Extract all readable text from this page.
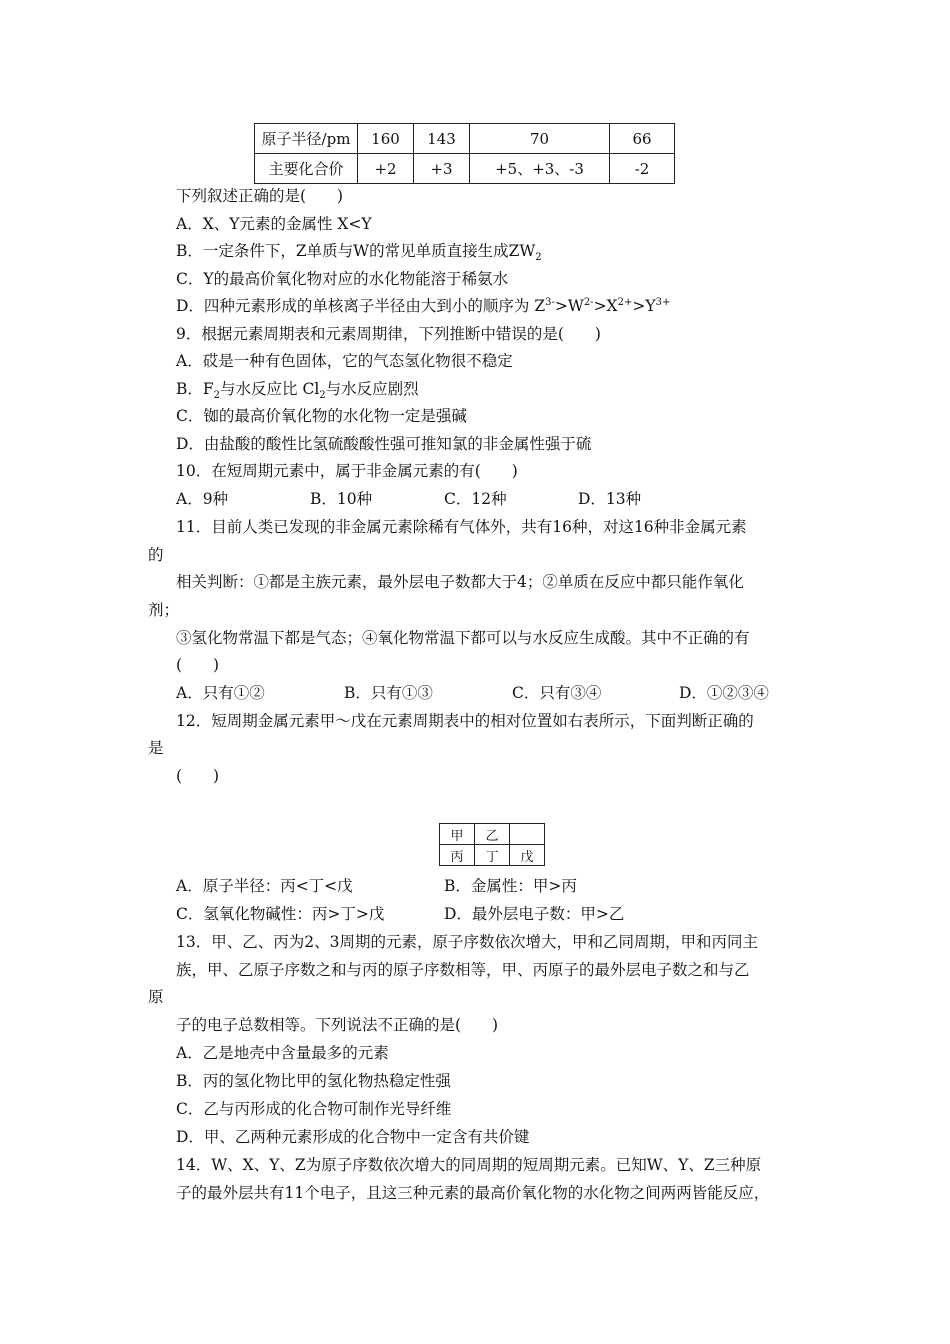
原子半径/pm	160	143	70	66
主要化合价	+2	+3	+5、+3、-3	-2
下列叙述正确的是(　　)
A．X、Y元素的金属性 X<Y
B．一定条件下，Z单质与W的常见单质直接生成$ZW_2$
C．Y的最高价氧化物对应的水化物能溶于稀氨水
D．四种元素形成的单核离子半径由大到小的顺序为 $Z^{3-}>W^{2-}>X^{2+}>Y^{3+}$
9．根据元素周期表和元素周期律，下列推断中错误的是(　　)
A．砹是一种有色固体，它的气态氢化物很不稳定
B．$F_2$与水反应比 $Cl_2$与水反应剧烈
C．铷的最高价氧化物的水化物一定是强碱
D．由盐酸的酸性比氢硫酸酸性强可推知氯的非金属性强于硫
10．在短周期元素中，属于非金属元素的有(　　)
A．9种	B．10种	C．12种	D．13种
11．目前人类已发现的非金属元素除稀有气体外，共有16种，对这16种非金属元素
的
相关判断：①都是主族元素，最外层电子数都大于4；②单质在反应中都只能作氧化
剂；
③氢化物常温下都是气态；④氧化物常温下都可以与水反应生成酸。其中不正确的有
(　　)
A．只有①②	B．只有①③	C．只有③④	D．①②③④
12．短周期金属元素甲～戊在元素周期表中的相对位置如右表所示，下面判断正确的
是
(　　)
甲	乙	
丙	丁	戊
A．原子半径：丙<丁<戊	B．金属性：甲>丙
C．氢氧化物碱性：丙>丁>戊	D．最外层电子数：甲>乙
13．甲、乙、丙为2、3周期的元素，原子序数依次增大，甲和乙同周期，甲和丙同主
族，甲、乙原子序数之和与丙的原子序数相等，甲、丙原子的最外层电子数之和与乙
原
子的电子总数相等。下列说法不正确的是(　　)
A．乙是地壳中含量最多的元素
B．丙的氢化物比甲的氢化物热稳定性强
C．乙与丙形成的化合物可制作光导纤维
D．甲、乙两种元素形成的化合物中一定含有共价键
14．W、X、Y、Z为原子序数依次增大的同周期的短周期元素。已知W、Y、Z三种原
子的最外层共有11个电子，且这三种元素的最高价氧化物的水化物之间两两皆能反应，
